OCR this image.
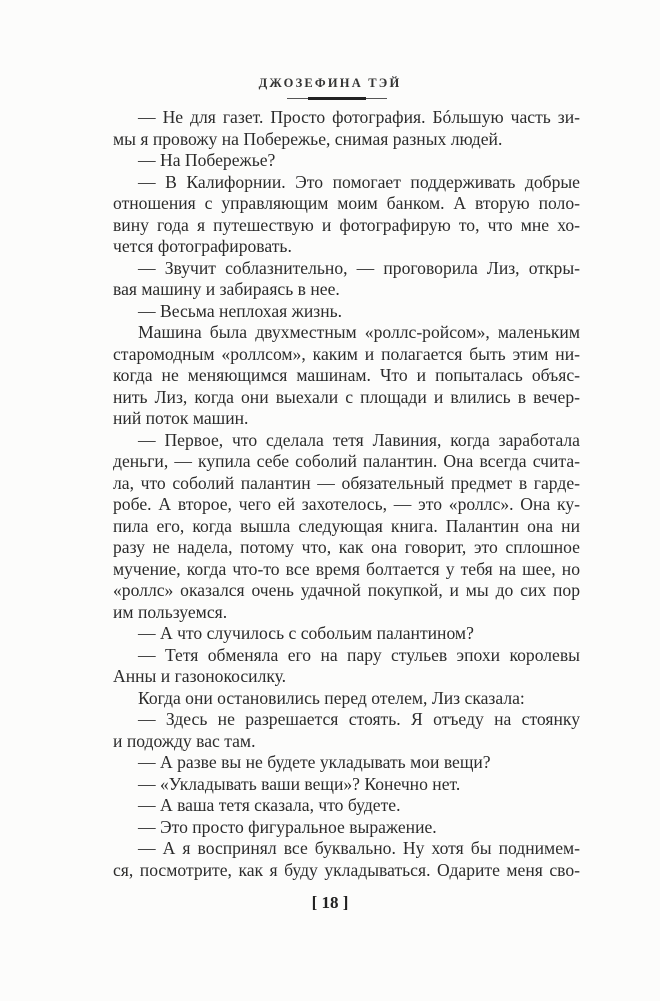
ДЖОЗЕФИНА ТЭЙ
— Не для газет. Просто фотография. Бóльшую часть зи-
мы я провожу на Побережье, снимая разных людей.
— На Побережье?
— В Калифорнии. Это помогает поддерживать добрые
отношения с управляющим моим банком. А вторую поло-
вину года я путешествую и фотографирую то, что мне хо-
чется фотографировать.
— Звучит соблазнительно, — проговорила Лиз, откры-
вая машину и забираясь в нее.
— Весьма неплохая жизнь.
Машина была двухместным «роллс-ройсом», маленьким
старомодным «роллсом», каким и полагается быть этим ни-
когда не меняющимся машинам. Что и попыталась объяс-
нить Лиз, когда они выехали с площади и влились в вечер-
ний поток машин.
— Первое, что сделала тетя Лавиния, когда заработала
деньги, — купила себе соболий палантин. Она всегда счита-
ла, что соболий палантин — обязательный предмет в гарде-
робе. А второе, чего ей захотелось, — это «роллс». Она ку-
пила его, когда вышла следующая книга. Палантин она ни
разу не надела, потому что, как она говорит, это сплошное
мучение, когда что-то все время болтается у тебя на шее, но
«роллс» оказался очень удачной покупкой, и мы до сих пор
им пользуемся.
— А что случилось с собольим палантином?
— Тетя обменяла его на пару стульев эпохи королевы
Анны и газонокосилку.
Когда они остановились перед отелем, Лиз сказала:
— Здесь не разрешается стоять. Я отъеду на стоянку
и подожду вас там.
— А разве вы не будете укладывать мои вещи?
— «Укладывать ваши вещи»? Конечно нет.
— А ваша тетя сказала, что будете.
— Это просто фигуральное выражение.
— А я воспринял все буквально. Ну хотя бы поднимем-
ся, посмотрите, как я буду укладываться. Одарите меня сво-
[ 18 ]
